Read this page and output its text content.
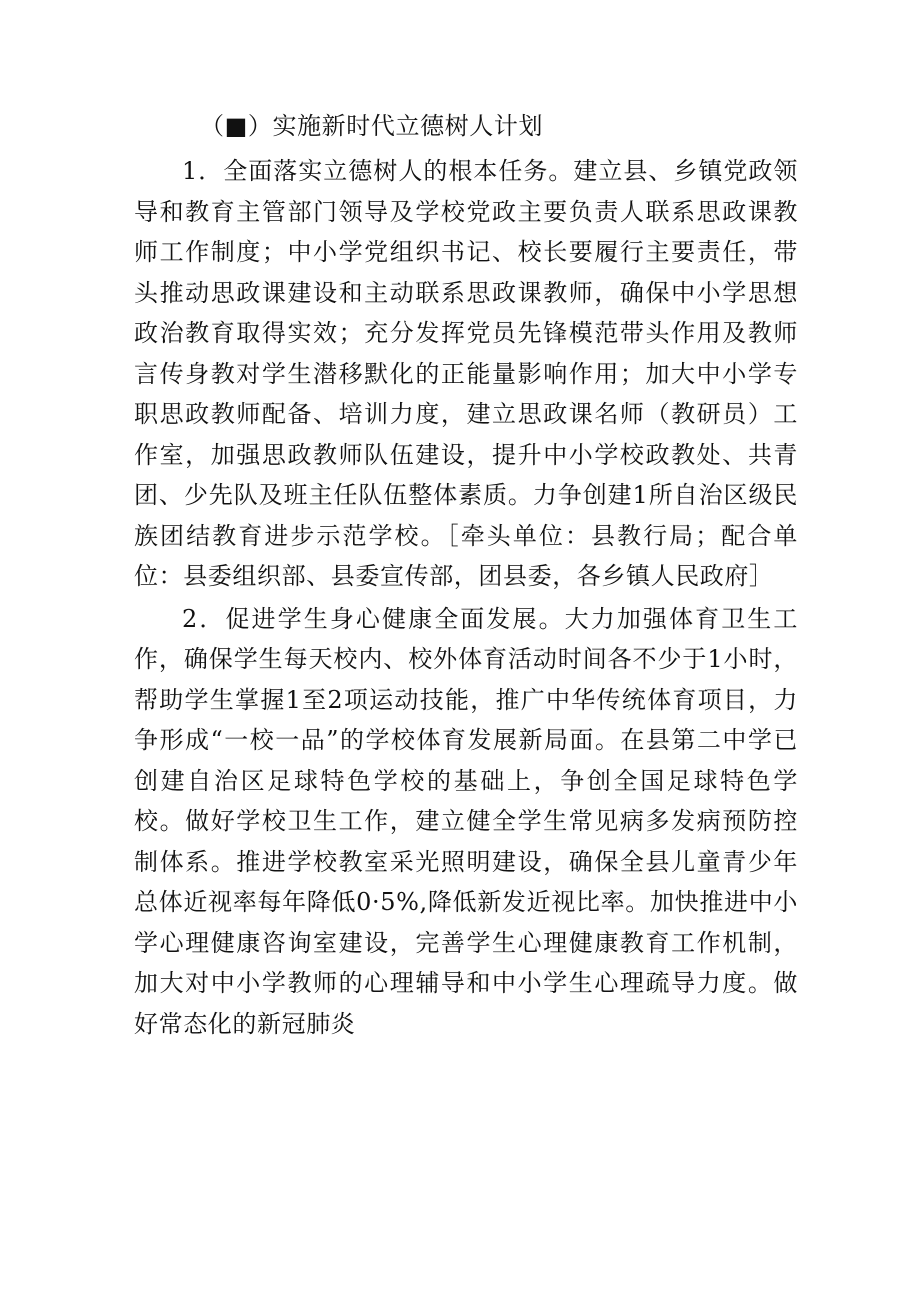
（■）实施新时代立德树人计划

1．全面落实立德树人的根本任务。建立县、乡镇党政领导和教育主管部门领导及学校党政主要负责人联系思政课教师工作制度；中小学党组织书记、校长要履行主要责任，带头推动思政课建设和主动联系思政课教师，确保中小学思想政治教育取得实效；充分发挥党员先锋模范带头作用及教师言传身教对学生潜移默化的正能量影响作用；加大中小学专职思政教师配备、培训力度，建立思政课名师（教研员）工作室，加强思政教师队伍建设，提升中小学校政教处、共青团、少先队及班主任队伍整体素质。力争创建1所自治区级民族团结教育进步示范学校。［牵头单位：县教行局；配合单位：县委组织部、县委宣传部，团县委，各乡镇人民政府］

2．促进学生身心健康全面发展。大力加强体育卫生工作，确保学生每天校内、校外体育活动时间各不少于1小时，帮助学生掌握1至2项运动技能，推广中华传统体育项目，力争形成“一校一品”的学校体育发展新局面。在县第二中学已创建自治区足球特色学校的基础上，争创全国足球特色学校。做好学校卫生工作，建立健全学生常见病多发病预防控制体系。推进学校教室采光照明建设，确保全县儿童青少年总体近视率每年降低0·5%,降低新发近视比率。加快推进中小学心理健康咨询室建设，完善学生心理健康教育工作机制，加大对中小学教师的心理辅导和中小学生心理疏导力度。做好常态化的新冠肺炎
